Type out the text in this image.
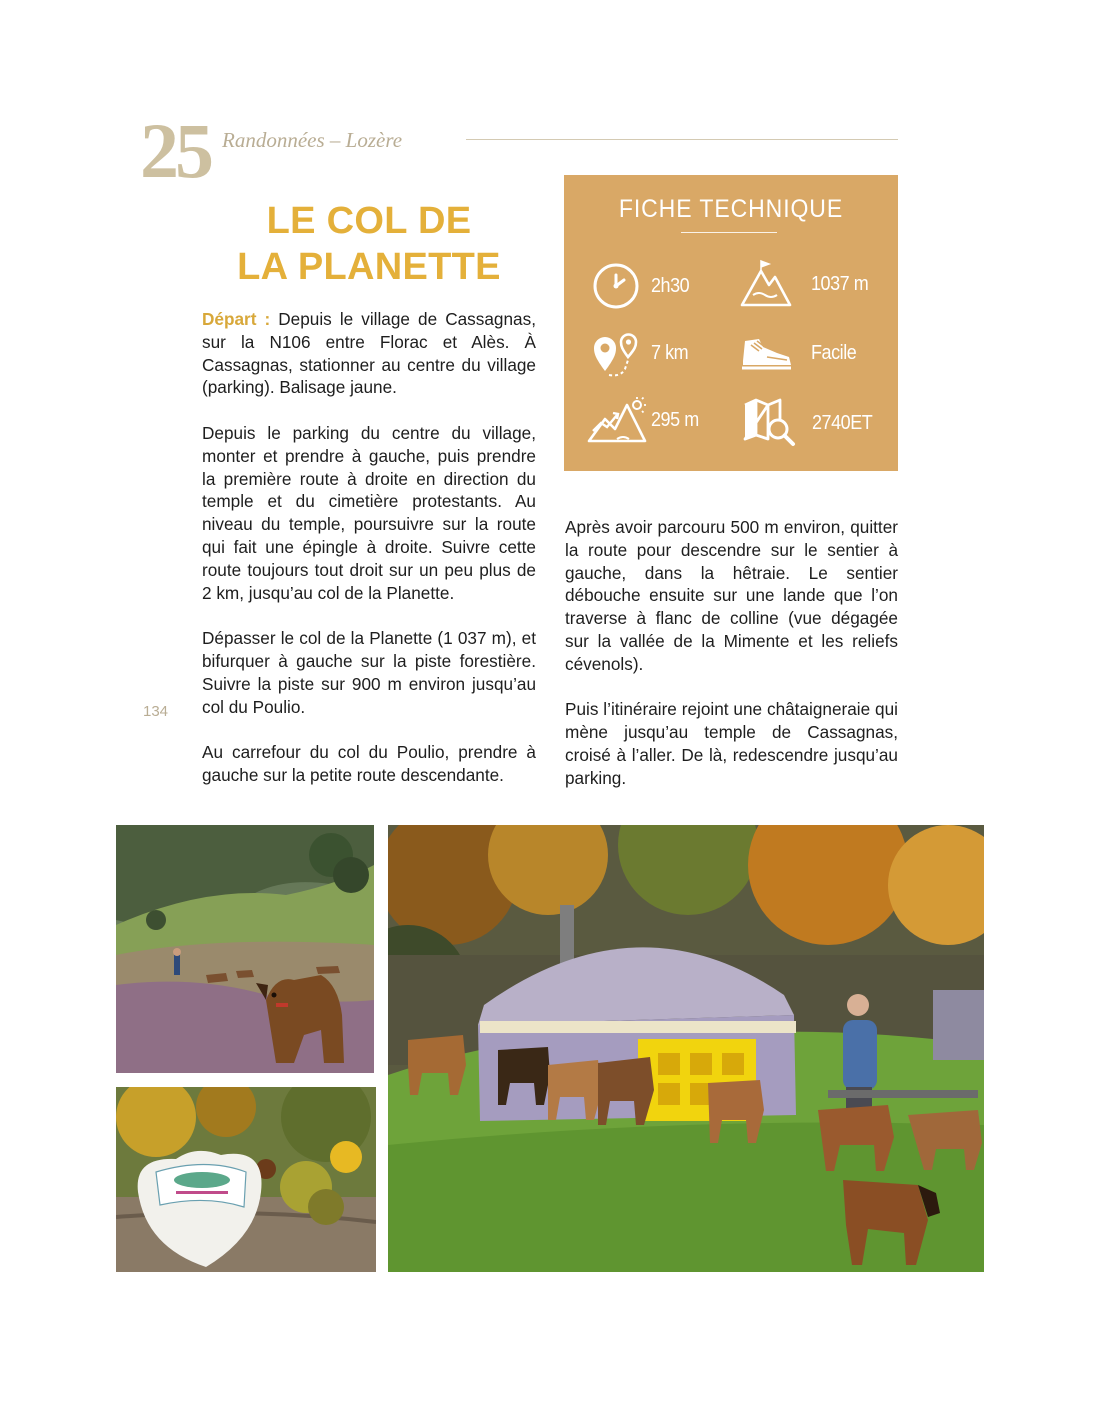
25 Randonnées – Lozère
LE COL DE
LA PLANETTE

Départ : Depuis le village de Cassagnas, sur la N106 entre Florac et Alès. À Cassagnas, stationner au centre du village (parking). Balisage jaune.

Depuis le parking du centre du village, monter et prendre à gauche, puis prendre la première route à droite en direction du temple et du cimetière protestants. Au niveau du temple, poursuivre sur la route qui fait une épingle à droite. Suivre cette route toujours tout droit sur un peu plus de 2 km, jusqu’au col de la Planette.

Dépasser le col de la Planette (1 037 m), et bifurquer à gauche sur la piste forestière. Suivre la piste sur 900 m environ jusqu’au col du Poulio.

Au carrefour du col du Poulio, prendre à gauche sur la petite route descendante.

134
FICHE TECHNIQUE
2h30	1037 m
7 km	Facile
295 m	2740ET

Après avoir parcouru 500 m environ, quitter la route pour descendre sur le sentier à gauche, dans la hêtraie. Le sentier débouche ensuite sur une lande que l’on traverse à flanc de colline (vue dégagée sur la vallée de la Mimente et les reliefs cévenols).

Puis l’itinéraire rejoint une châtaigneraie qui mène jusqu’au temple de Cassagnas, croisé à l’aller. De là, redescendre jusqu’au parking.
